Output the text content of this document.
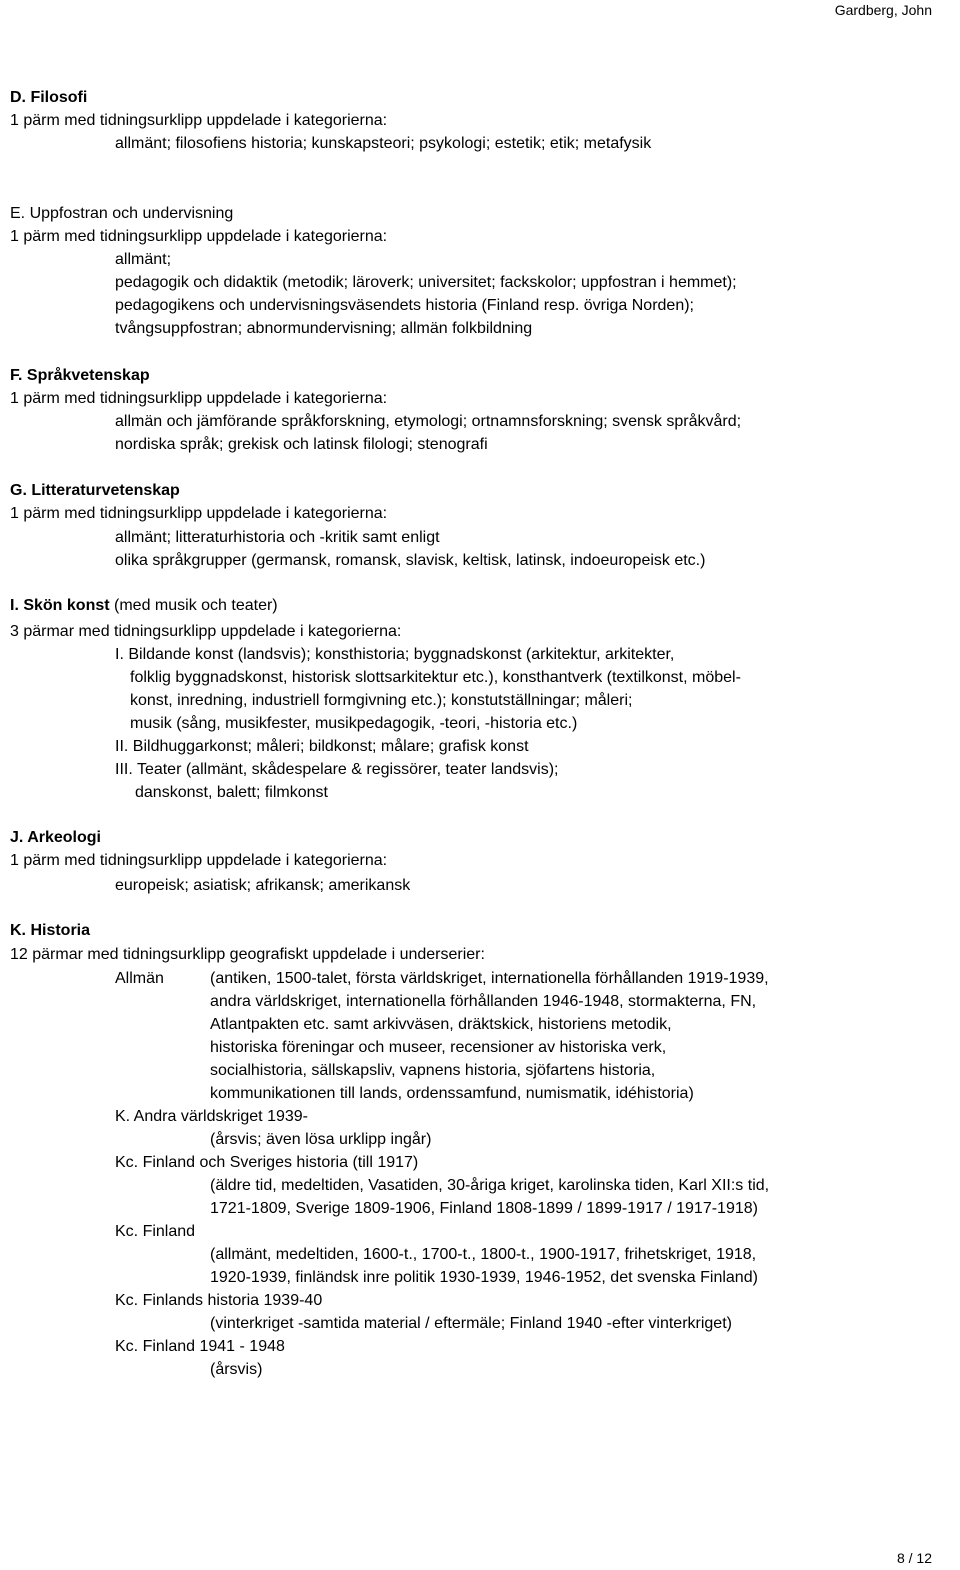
Gardberg, John
D. Filosofi
1 pärm med tidningsurklipp uppdelade i kategorierna:
allmänt; filosofiens historia; kunskapsteori; psykologi; estetik; etik; metafysik
E. Uppfostran och undervisning
1 pärm med tidningsurklipp uppdelade i kategorierna:
allmänt;
pedagogik och didaktik (metodik; läroverk; universitet; fackskolor; uppfostran i hemmet);
pedagogikens och undervisningsväsendets historia (Finland resp. övriga Norden);
tvångsuppfostran; abnormundervisning; allmän folkbildning
F. Språkvetenskap
1 pärm med tidningsurklipp uppdelade i kategorierna:
allmän och jämförande språkforskning, etymologi; ortnamnsforskning; svensk språkvård;
nordiska språk; grekisk och latinsk filologi; stenografi
G. Litteraturvetenskap
1 pärm med tidningsurklipp uppdelade i kategorierna:
allmänt; litteraturhistoria och -kritik samt enligt
olika språkgrupper (germansk, romansk, slavisk, keltisk, latinsk, indoeuropeisk etc.)
I. Skön konst (med musik och teater)
3 pärmar med tidningsurklipp uppdelade i kategorierna:
I. Bildande konst (landsvis); konsthistoria; byggnadskonst (arkitektur, arkitekter,
folklig byggnadskonst, historisk slottsarkitektur etc.), konsthantverk (textilkonst, möbel-
konst, inredning, industriell formgivning etc.); konstutställningar; måleri;
musik (sång, musikfester, musikpedagogik, -teori, -historia etc.)
II. Bildhuggarkonst; måleri; bildkonst; målare; grafisk konst
III. Teater (allmänt, skådespelare & regissörer, teater landsvis);
danskonst, balett; filmkonst
J. Arkeologi
1 pärm med tidningsurklipp uppdelade i kategorierna:
europeisk; asiatisk; afrikansk; amerikansk
K. Historia
12 pärmar med tidningsurklipp geografiskt uppdelade i underserier:
Allmän	(antiken, 1500-talet, första världskriget, internationella förhållanden 1919-1939,
andra världskriget, internationella förhållanden 1946-1948, stormakterna, FN,
Atlantpakten etc. samt arkivväsen, dräktskick, historiens metodik,
historiska föreningar och museer, recensioner av historiska verk,
socialhistoria, sällskapsliv, vapnens historia, sjöfartens historia,
kommunikationen till lands, ordenssamfund, numismatik, idéhistoria)
K. Andra världskriget 1939-
(årsvis; även lösa urklipp ingår)
Kc. Finland och Sveriges historia (till 1917)
(äldre tid, medeltiden, Vasatiden, 30-åriga kriget, karolinska tiden, Karl XII:s tid,
1721-1809, Sverige 1809-1906, Finland 1808-1899 / 1899-1917 / 1917-1918)
Kc. Finland
(allmänt, medeltiden, 1600-t., 1700-t., 1800-t., 1900-1917, frihetskriget, 1918,
1920-1939, finländsk inre politik 1930-1939, 1946-1952, det svenska Finland)
Kc. Finlands historia 1939-40
(vinterkriget -samtida material / eftermäle; Finland 1940 -efter vinterkriget)
Kc. Finland 1941 - 1948
(årsvis)
8 / 12
